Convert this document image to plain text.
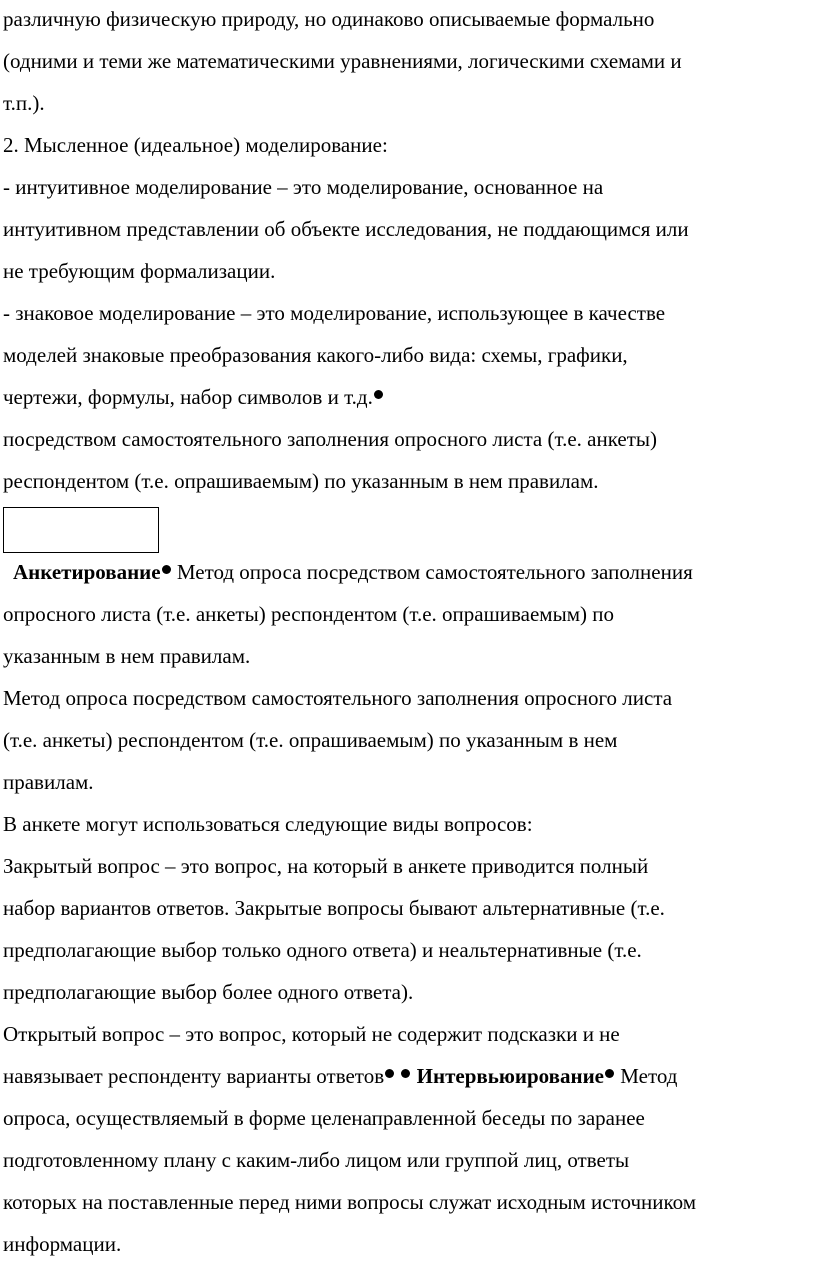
различную физическую природу, но одинаково описываемые формально
(одними и теми же математическими уравнениями, логическими схемами и
т.п.).
2. Мысленное (идеальное) моделирование:
- интуитивное моделирование – это моделирование, основанное на
интуитивном представлении об объекте исследования, не поддающимся или
не требующим формализации.
- знаковое моделирование – это моделирование, использующее в качестве
моделей знаковые преобразования какого-либо вида: схемы, графики,
чертежи, формулы, набор символов и т.д.
посредством самостоятельного заполнения опросного листа (т.е. анкеты)
респондентом (т.е. опрашиваемым) по указанным в нем правилам.
Анкетирование Метод опроса посредством самостоятельного заполнения
опросного листа (т.е. анкеты) респондентом (т.е. опрашиваемым) по
указанным в нем правилам.
Метод опроса посредством самостоятельного заполнения опросного листа
(т.е. анкеты) респондентом (т.е. опрашиваемым) по указанным в нем
правилам.
В анкете могут использоваться следующие виды вопросов:
Закрытый вопрос – это вопрос, на который в анкете приводится полный
набор вариантов ответов. Закрытые вопросы бывают альтернативные (т.е.
предполагающие выбор только одного ответа) и неальтернативные (т.е.
предполагающие выбор более одного ответа).
Открытый вопрос – это вопрос, который не содержит подсказки и не
навязывает респонденту варианты ответов Интервьюирование Метод
опроса, осуществляемый в форме целенаправленной беседы по заранее
подготовленному плану с каким-либо лицом или группой лиц, ответы
которых на поставленные перед ними вопросы служат исходным источником
информации.
